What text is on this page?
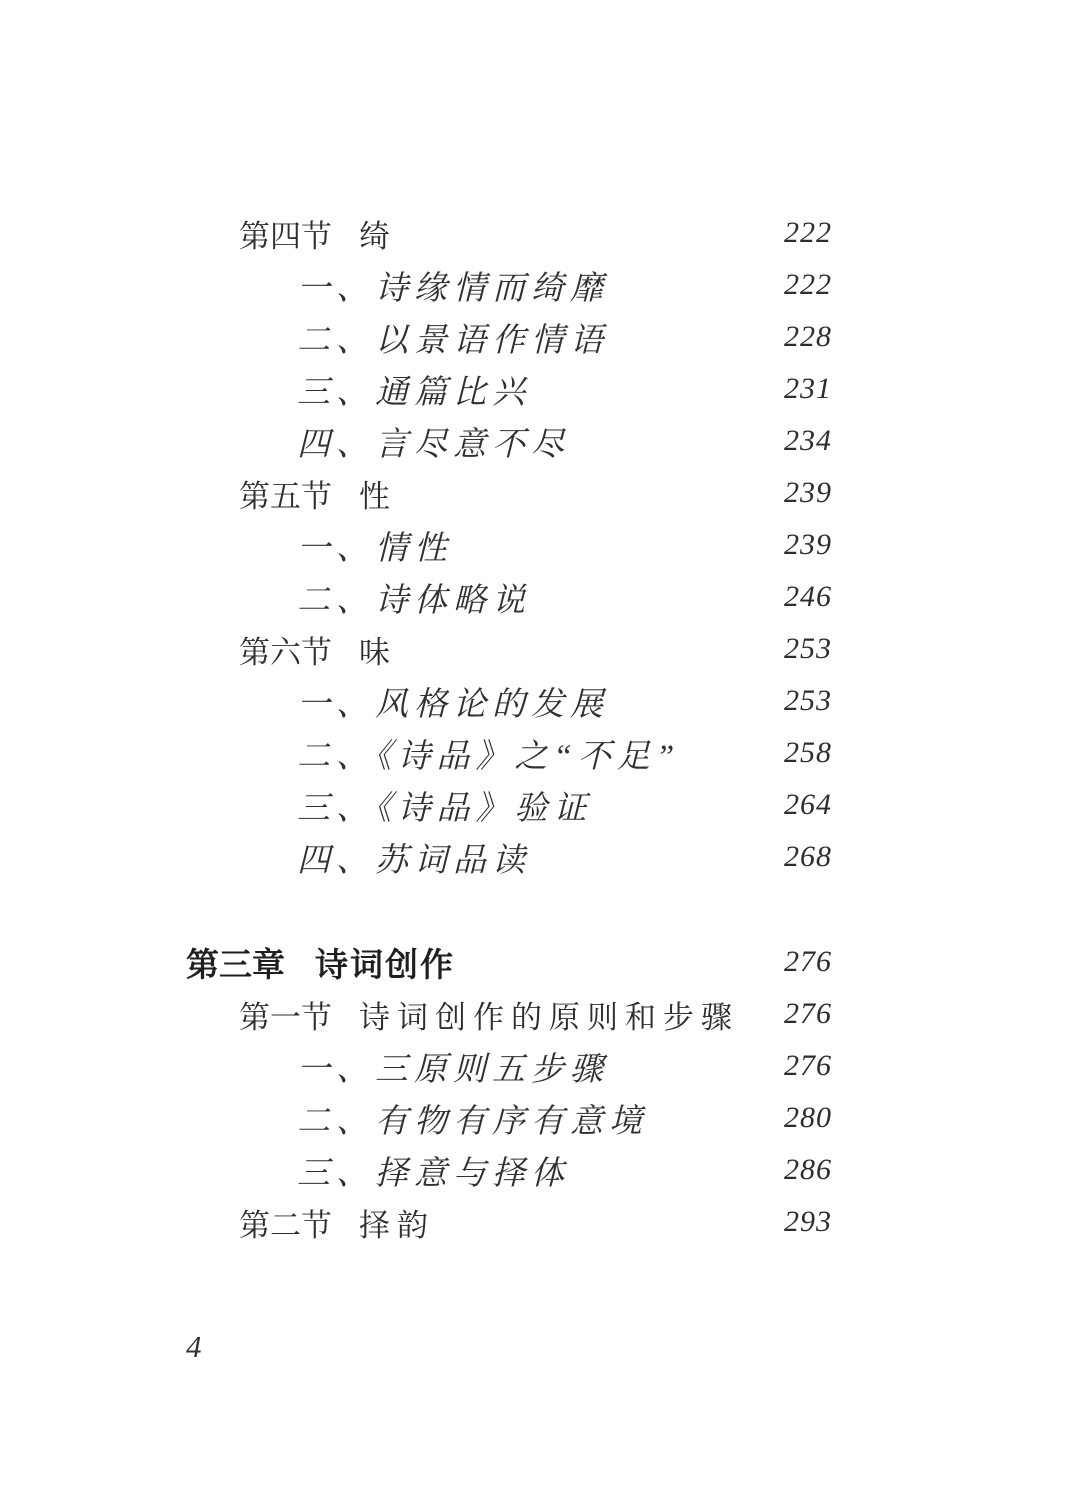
第四节 绮	222
一、诗缘情而绮靡	222
二、以景语作情语	228
三、通篇比兴	231
四、言尽意不尽	234
第五节 性	239
一、情性	239
二、诗体略说	246
第六节 味	253
一、风格论的发展	253
二、《诗品》之“不足”	258
三、《诗品》验证	264
四、苏词品读	268
第三章 诗词创作	276
第一节 诗词创作的原则和步骤 276
一、三原则五步骤	276
二、有物有序有意境	280
三、择意与择体	286
第二节 择韵	293
4
